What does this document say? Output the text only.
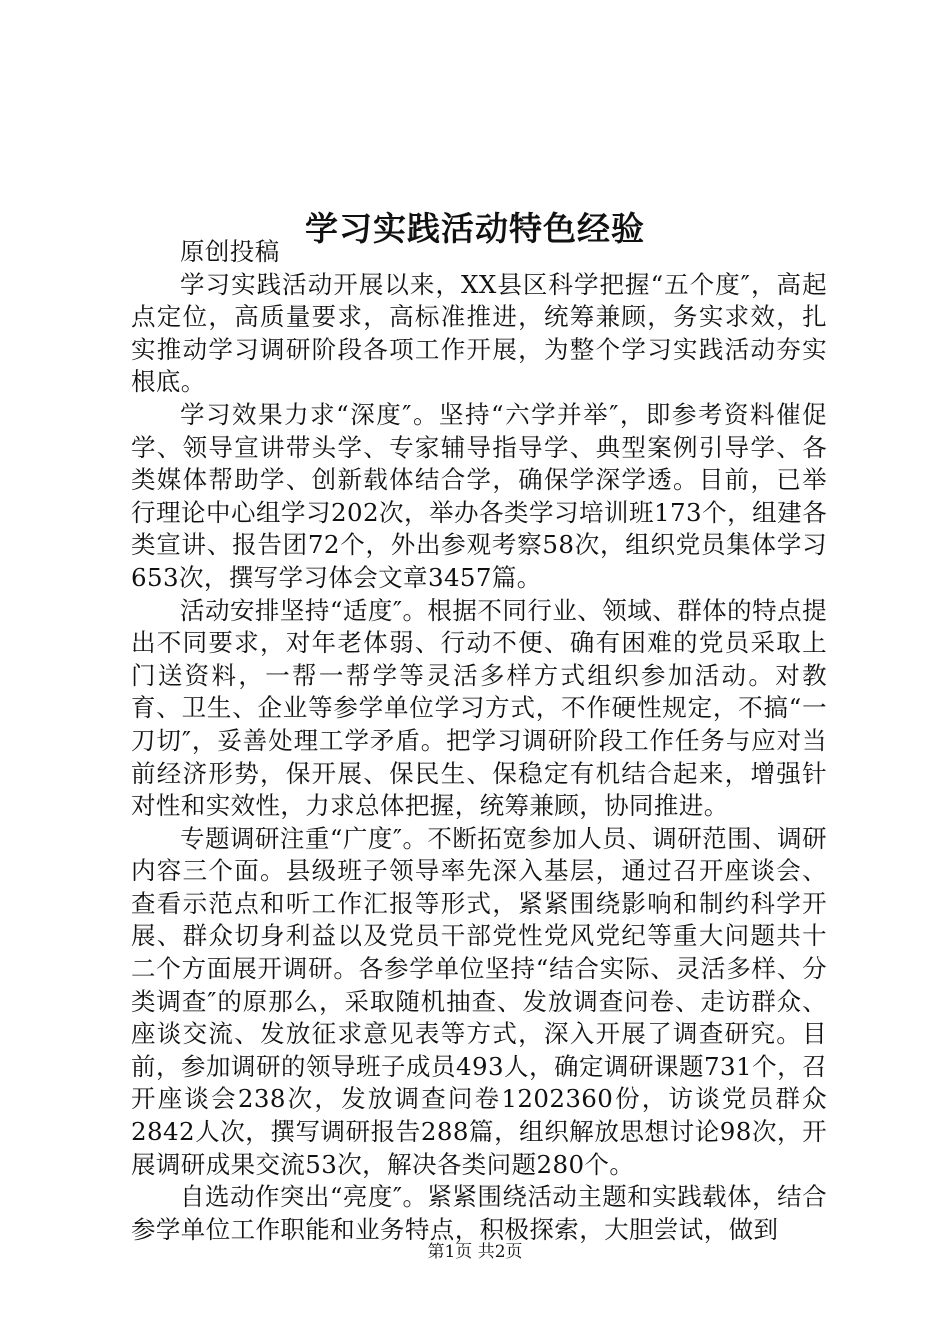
学习实践活动特色经验

原创投稿

学习实践活动开展以来，XX县区科学把握“五个度″，高起点定位，高质量要求，高标准推进，统筹兼顾，务实求效，扎实推动学习调研阶段各项工作开展，为整个学习实践活动夯实根底。

学习效果力求“深度″。坚持“六学并举″，即参考资料催促学、领导宣讲带头学、专家辅导指导学、典型案例引导学、各类媒体帮助学、创新载体结合学，确保学深学透。目前，已举行理论中心组学习202次，举办各类学习培训班173个，组建各类宣讲、报告团72个，外出参观考察58次，组织党员集体学习653次，撰写学习体会文章3457篇。

活动安排坚持“适度″。根据不同行业、领域、群体的特点提出不同要求，对年老体弱、行动不便、确有困难的党员采取上门送资料，一帮一帮学等灵活多样方式组织参加活动。对教育、卫生、企业等参学单位学习方式，不作硬性规定，不搞“一刀切″，妥善处理工学矛盾。把学习调研阶段工作任务与应对当前经济形势，保开展、保民生、保稳定有机结合起来，增强针对性和实效性，力求总体把握，统筹兼顾，协同推进。

专题调研注重“广度″。不断拓宽参加人员、调研范围、调研内容三个面。县级班子领导率先深入基层，通过召开座谈会、查看示范点和听工作汇报等形式，紧紧围绕影响和制约科学开展、群众切身利益以及党员干部党性党风党纪等重大问题共十二个方面展开调研。各参学单位坚持“结合实际、灵活多样、分类调查″的原那么，采取随机抽查、发放调查问卷、走访群众、座谈交流、发放征求意见表等方式，深入开展了调查研究。目前，参加调研的领导班子成员493人，确定调研课题731个，召开座谈会238次，发放调查问卷1202360份，访谈党员群众2842人次，撰写调研报告288篇，组织解放思想讨论98次，开展调研成果交流53次，解决各类问题280个。

自选动作突出“亮度″。紧紧围绕活动主题和实践载体，结合参学单位工作职能和业务特点，积极探索，大胆尝试，做到

第1页 共2页
